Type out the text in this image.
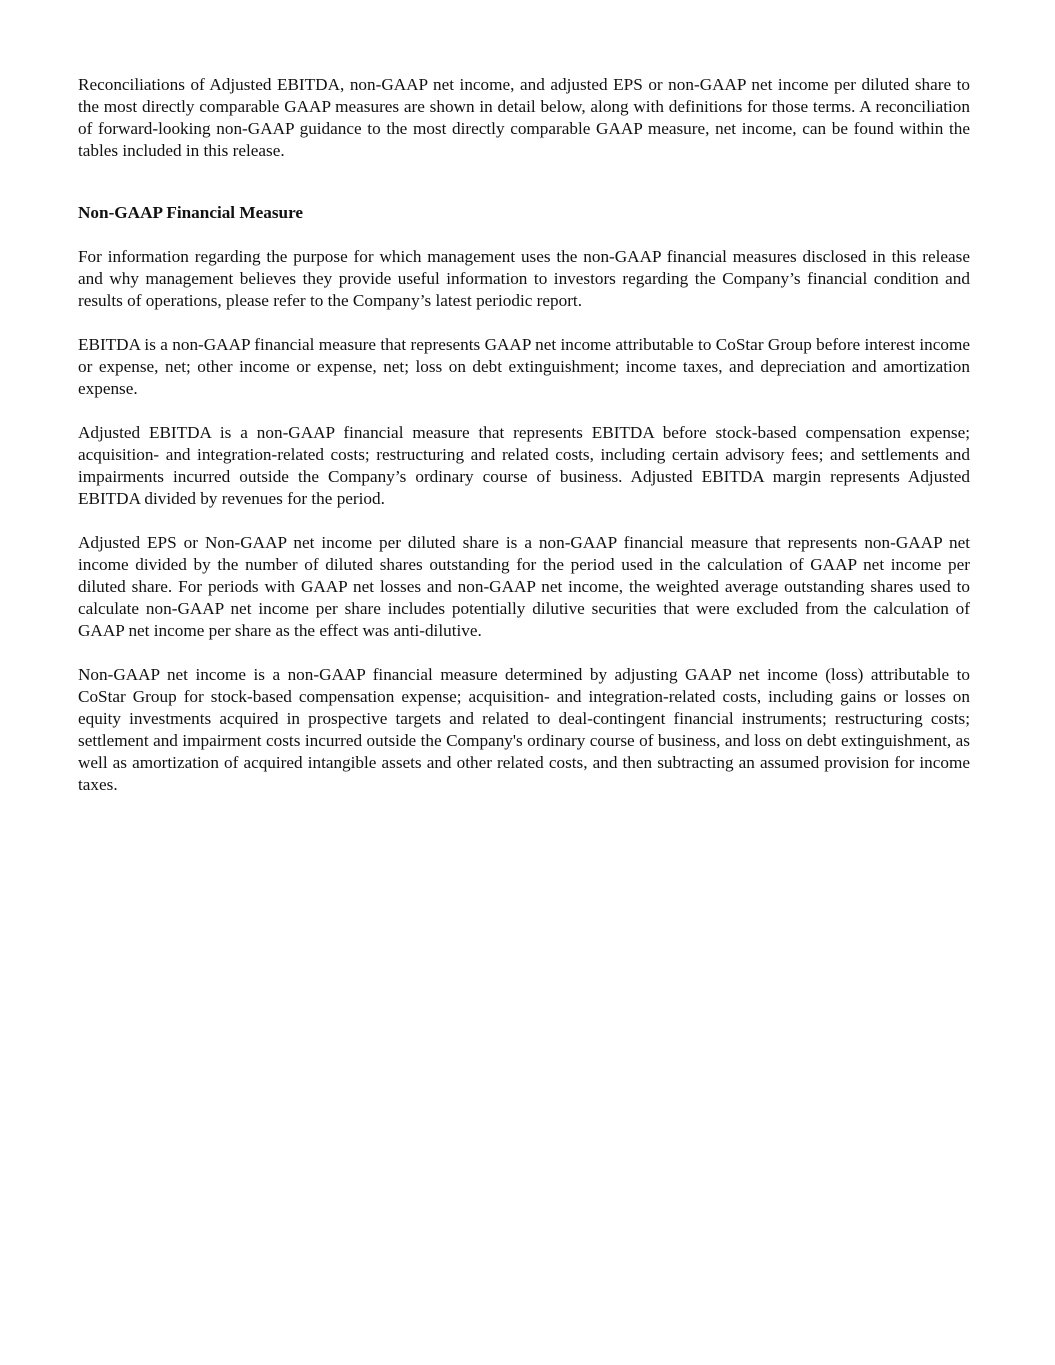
Reconciliations of Adjusted EBITDA, non-GAAP net income, and adjusted EPS or non-GAAP net income per diluted share to the most directly comparable GAAP measures are shown in detail below, along with definitions for those terms. A reconciliation of forward-looking non-GAAP guidance to the most directly comparable GAAP measure, net income, can be found within the tables included in this release.

Non-GAAP Financial Measure

For information regarding the purpose for which management uses the non-GAAP financial measures disclosed in this release and why management believes they provide useful information to investors regarding the Company’s financial condition and results of operations, please refer to the Company’s latest periodic report.

EBITDA is a non-GAAP financial measure that represents GAAP net income attributable to CoStar Group before interest income or expense, net; other income or expense, net; loss on debt extinguishment; income taxes, and depreciation and amortization expense.

Adjusted EBITDA is a non-GAAP financial measure that represents EBITDA before stock-based compensation expense; acquisition- and integration-related costs; restructuring and related costs, including certain advisory fees; and settlements and impairments incurred outside the Company’s ordinary course of business. Adjusted EBITDA margin represents Adjusted EBITDA divided by revenues for the period.

Adjusted EPS or Non-GAAP net income per diluted share is a non-GAAP financial measure that represents non-GAAP net income divided by the number of diluted shares outstanding for the period used in the calculation of GAAP net income per diluted share. For periods with GAAP net losses and non-GAAP net income, the weighted average outstanding shares used to calculate non-GAAP net income per share includes potentially dilutive securities that were excluded from the calculation of GAAP net income per share as the effect was anti-dilutive.

Non-GAAP net income is a non-GAAP financial measure determined by adjusting GAAP net income (loss) attributable to CoStar Group for stock-based compensation expense; acquisition- and integration-related costs, including gains or losses on equity investments acquired in prospective targets and related to deal-contingent financial instruments; restructuring costs; settlement and impairment costs incurred outside the Company's ordinary course of business, and loss on debt extinguishment, as well as amortization of acquired intangible assets and other related costs, and then subtracting an assumed provision for income taxes.
